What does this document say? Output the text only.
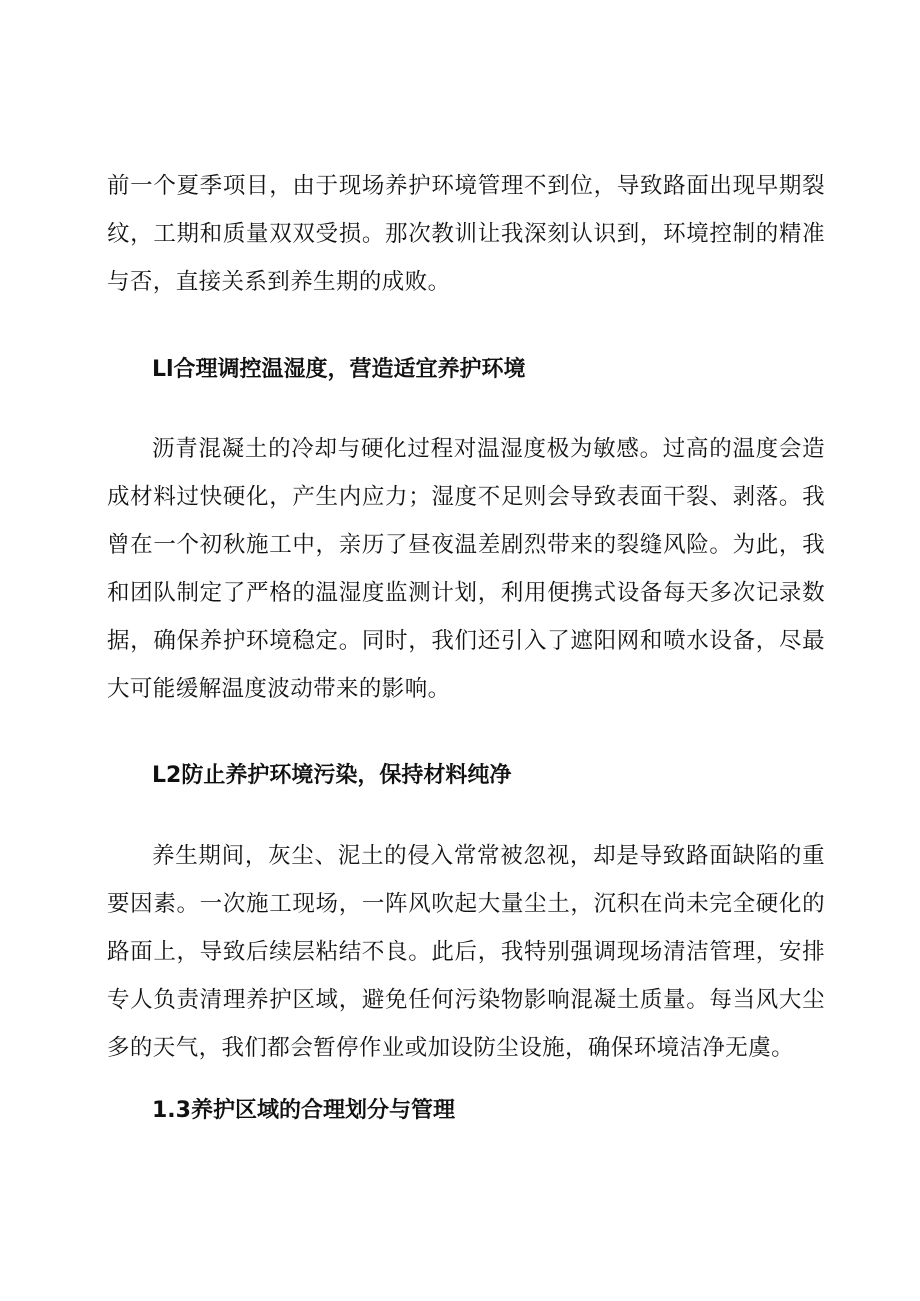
前一个夏季项目，由于现场养护环境管理不到位，导致路面出现早期裂纹，工期和质量双双受损。那次教训让我深刻认识到，环境控制的精准与否，直接关系到养生期的成败。

Ll合理调控温湿度，营造适宜养护环境

沥青混凝土的冷却与硬化过程对温湿度极为敏感。过高的温度会造成材料过快硬化，产生内应力；湿度不足则会导致表面干裂、剥落。我曾在一个初秋施工中，亲历了昼夜温差剧烈带来的裂缝风险。为此，我和团队制定了严格的温湿度监测计划，利用便携式设备每天多次记录数据，确保养护环境稳定。同时，我们还引入了遮阳网和喷水设备，尽最大可能缓解温度波动带来的影响。

L2防止养护环境污染，保持材料纯净

养生期间，灰尘、泥土的侵入常常被忽视，却是导致路面缺陷的重要因素。一次施工现场，一阵风吹起大量尘土，沉积在尚未完全硬化的路面上，导致后续层粘结不良。此后，我特别强调现场清洁管理，安排专人负责清理养护区域，避免任何污染物影响混凝土质量。每当风大尘多的天气，我们都会暂停作业或加设防尘设施，确保环境洁净无虞。

1.3养护区域的合理划分与管理
